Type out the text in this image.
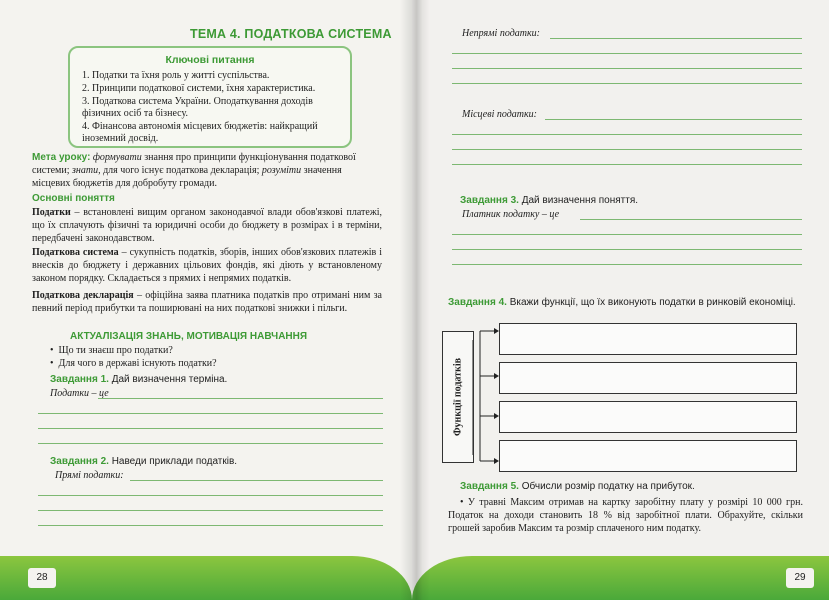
ТЕМА 4. ПОДАТКОВА СИСТЕМА
Ключові питання
1. Податки та їхня роль у житті суспільства.
2. Принципи податкової системи, їхня характеристика.
3. Податкова система України. Оподаткування доходів фізичних осіб та бізнесу.
4. Фінансова автономія місцевих бюджетів: найкращий іноземний досвід.
Мета уроку: формувати знання про принципи функціонування податкової системи; знати, для чого існує податкова декларація; розуміти значення місцевих бюджетів для добробуту громади.
Основні поняття
Податки – встановлені вищим органом законодавчої влади обов'язкові платежі, що їх сплачують фізичні та юридичні особи до бюджету в розмірах і в терміни, передбачені законодавством.
Податкова система – сукупність податків, зборів, інших обов'язкових платежів і внесків до бюджету і державних цільових фондів, які діють у встановленому законом порядку. Складається з прямих і непрямих податків.
Податкова декларація – офіційна заява платника податків про отримані ним за певний період прибутки та поширювані на них податкові знижки і пільги.
АКТУАЛІЗАЦІЯ ЗНАНЬ, МОТИВАЦІЯ НАВЧАННЯ
•  Що ти знаєш про податки?
•  Для чого в державі існують податки?
Завдання 1. Дай визначення терміна.
Податки – це
Завдання 2. Наведи приклади податків.
Прямі податки:
28
Непрямі податки:
Місцеві податки:
Завдання 3. Дай визначення поняття.
Платник податку – це
Завдання 4. Вкажи функції, що їх виконують податки в ринковій економіці.
Функції податків
Завдання 5. Обчисли розмір податку на прибуток.
• У травні Максим отримав на картку заробітну плату у розмірі 10 000 грн. Податок на доходи становить 18 % від заробітної плати. Обрахуйте, скільки грошей заробив Максим та розмір сплаченого ним податку.
29
